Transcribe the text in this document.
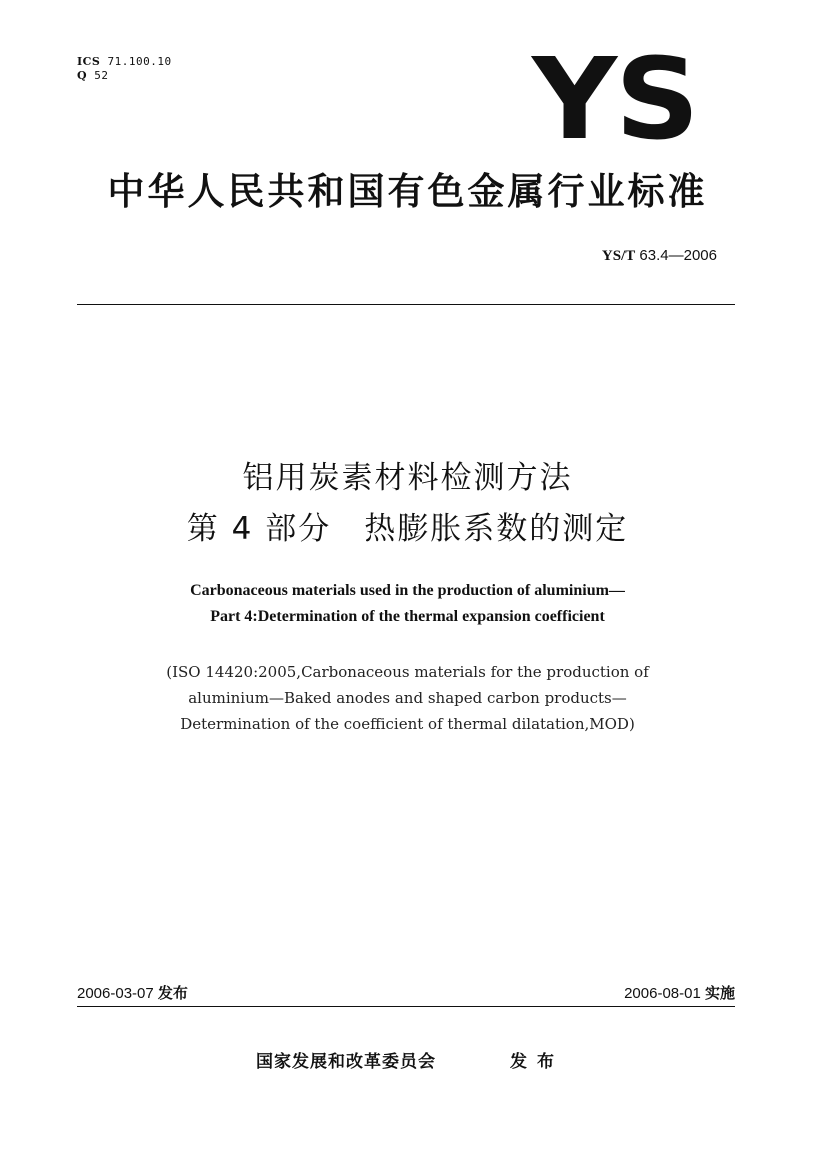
ICS 71.100.10
Q 52	YS
中华人民共和国有色金属行业标准
YS/T 63.4—2006
铝用炭素材料检测方法
第 4 部分　热膨胀系数的测定
Carbonaceous materials used in the production of aluminium—
Part 4:Determination of the thermal expansion coefficient
(ISO 14420:2005,Carbonaceous materials for the production of
aluminium—Baked anodes and shaped carbon products—
Determination of the coefficient of thermal dilatation,MOD)
2006-03-07 发布	2006-08-01 实施
国家发展和改革委员会	发布
